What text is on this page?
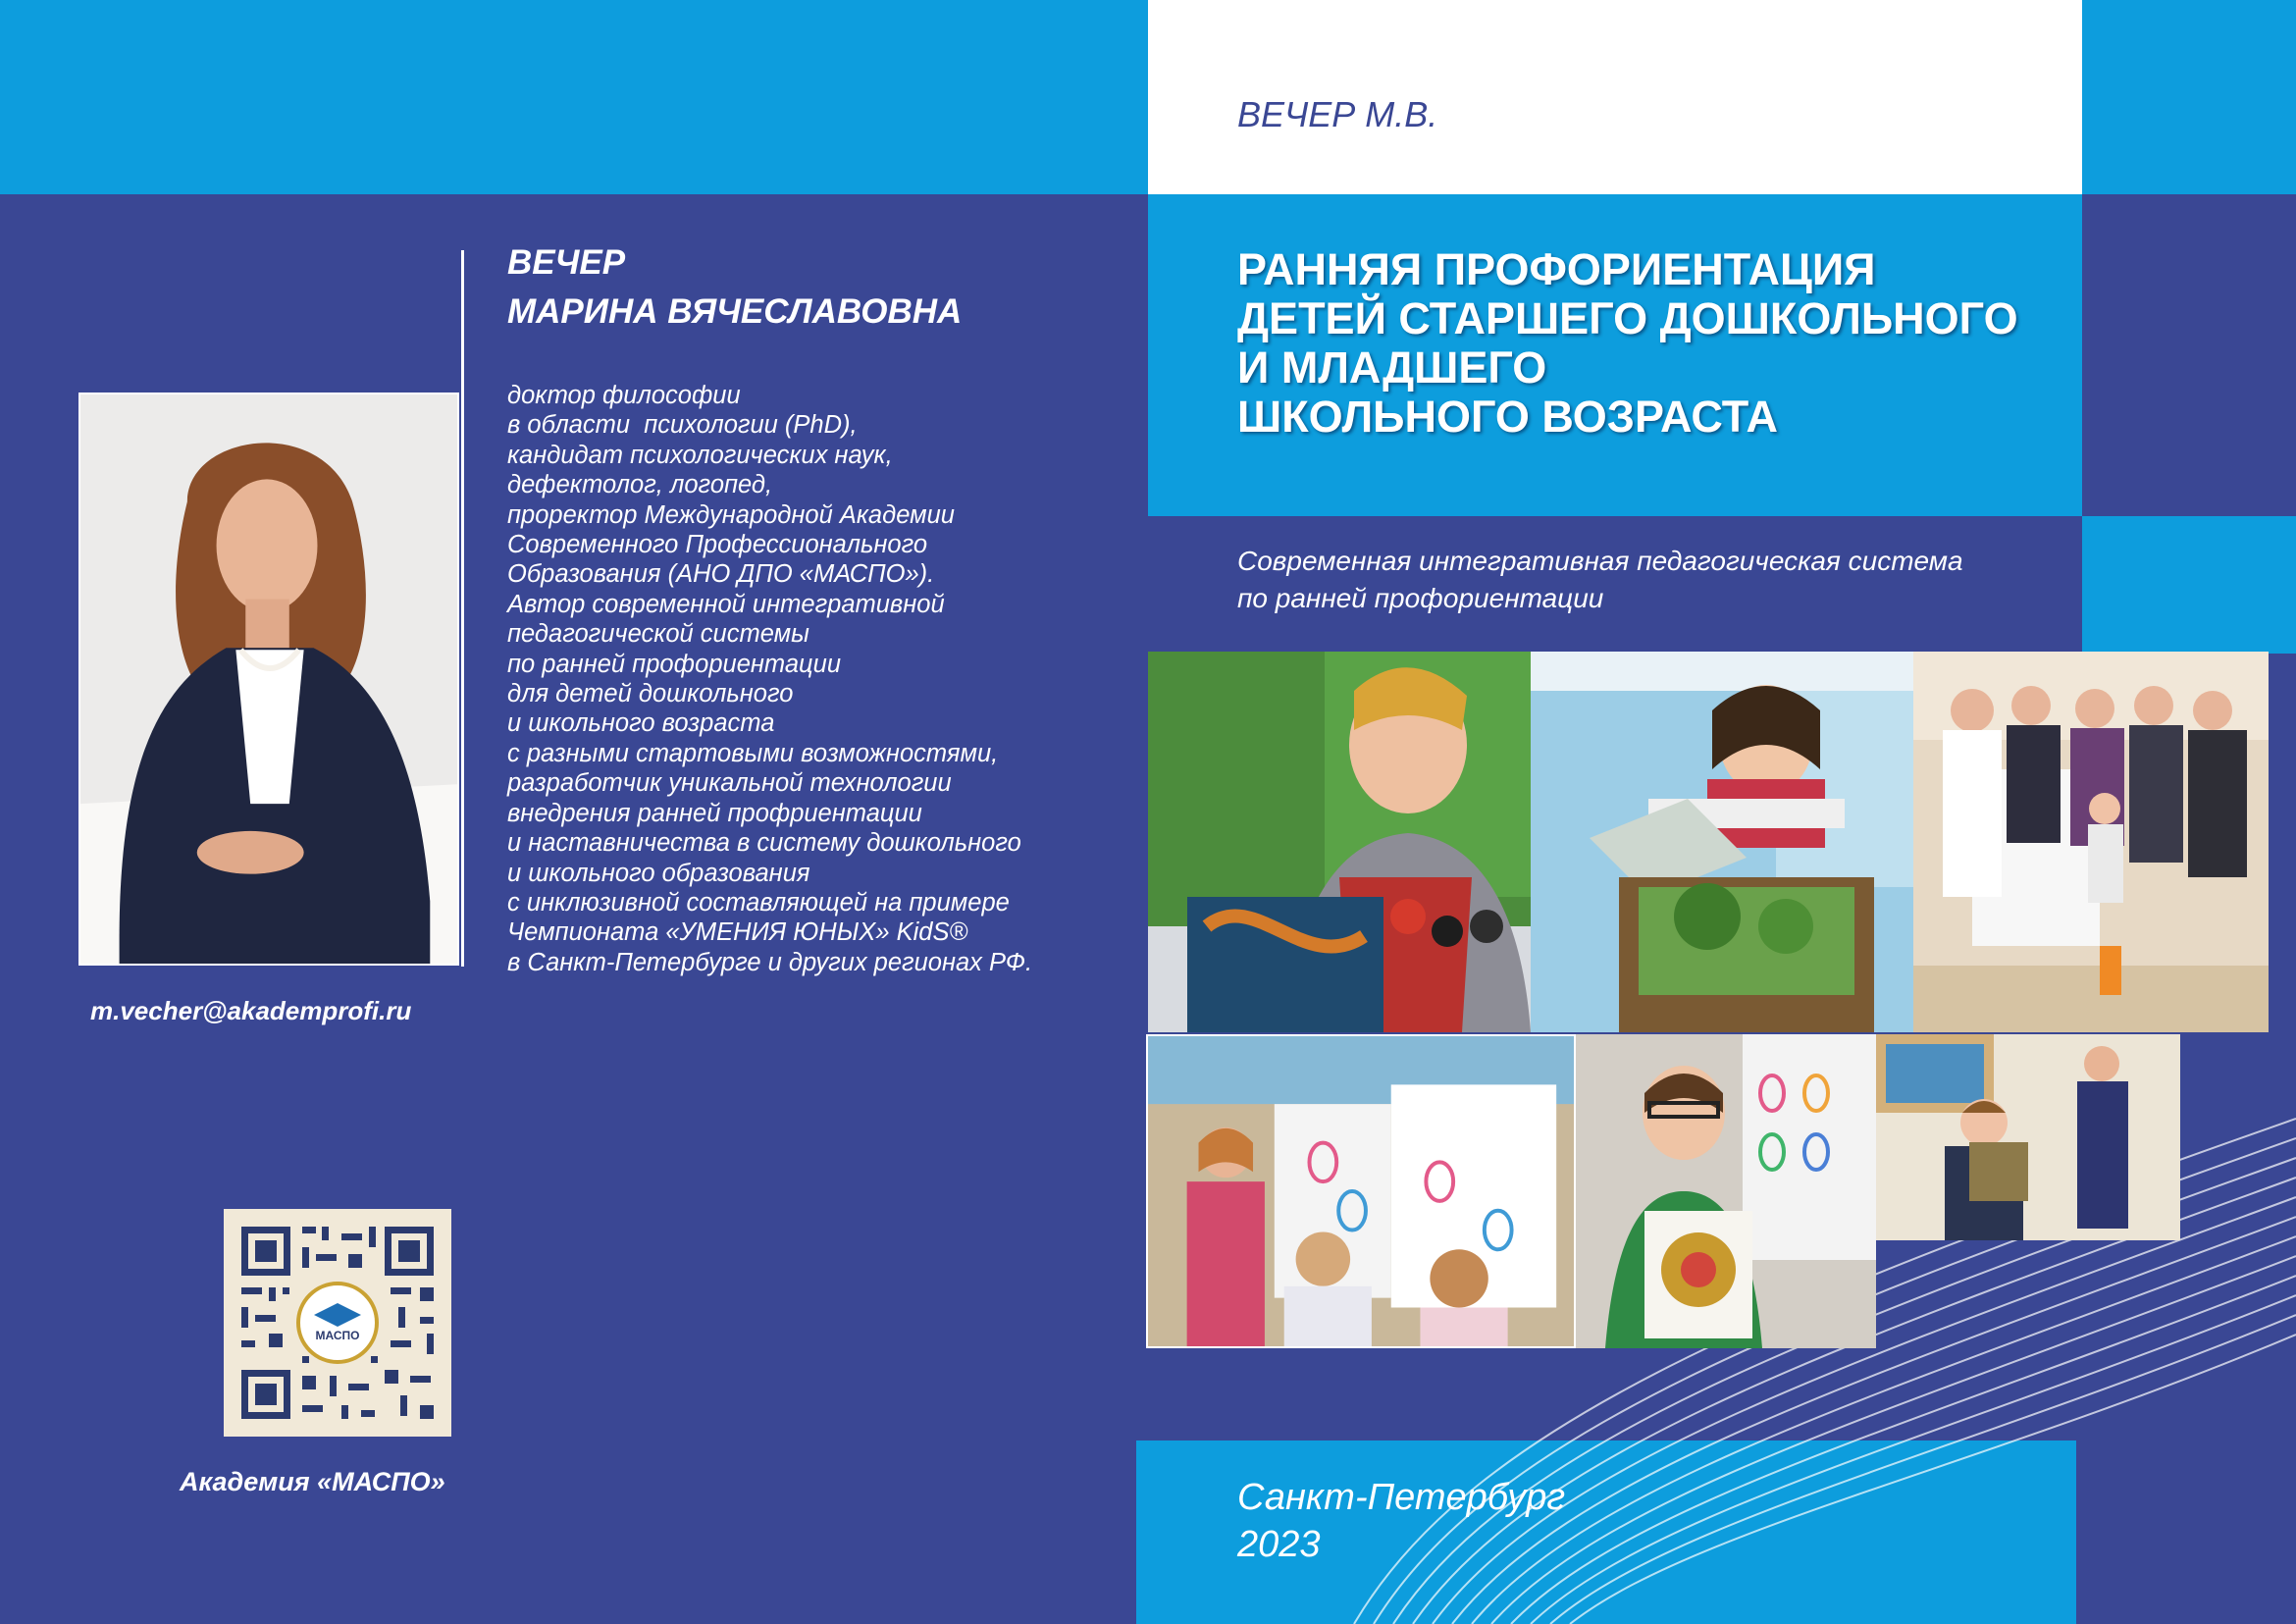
ВЕЧЕР
МАРИНА ВЯЧЕСЛАВОВНА
доктор философии
в области  психологии (PhD),
кандидат психологических наук,
дефектолог, логопед,
проректор Международной Академии
Современного Профессионального
Образования (АНО ДПО «МАСПО»).
Автор современной интегративной
педагогической системы
по ранней профориентации
для детей дошкольного
и школьного возраста
с разными стартовыми возможностями,
разработчик уникальной технологии
внедрения ранней профриентации
и наставничества в систему дошкольного
и школьного образования
с инклюзивной составляющей на примере
Чемпионата «УМЕНИЯ ЮНЫХ» KidS®
в Санкт-Петербурге и других регионах РФ.
m.vecher@akademprofi.ru
МАСПО
Академия «МАСПО»
ВЕЧЕР М.В.
РАННЯЯ ПРОФОРИЕНТАЦИЯ
ДЕТЕЙ СТАРШЕГО ДОШКОЛЬНОГО
И МЛАДШЕГО
ШКОЛЬНОГО ВОЗРАСТА
Современная интегративная педагогическая система
по ранней профориентации
Санкт-Петербург
2023
